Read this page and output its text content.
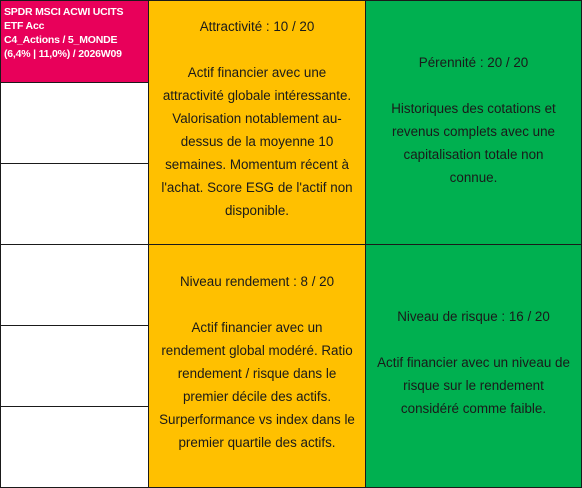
SPDR MSCI ACWI UCITS
ETF Acc
C4_Actions / 5_MONDE
(6,4% | 11,0%) / 2026W09
Attractivité : 10 / 20
Actif financier avec une
attractivité globale intéressante.
Valorisation notablement au-
dessus de la moyenne 10
semaines. Momentum récent à
l'achat. Score ESG de l'actif non
disponible.
Pérennité : 20 / 20
Historiques des cotations et
revenus complets avec une
capitalisation totale non
connue.
Niveau rendement : 8 / 20
Actif financier avec un
rendement global modéré. Ratio
rendement / risque dans le
premier décile des actifs.
Surperformance vs index dans le
premier quartile des actifs.
Niveau de risque : 16 / 20
Actif financier avec un niveau de
risque sur le rendement
considéré comme faible.
